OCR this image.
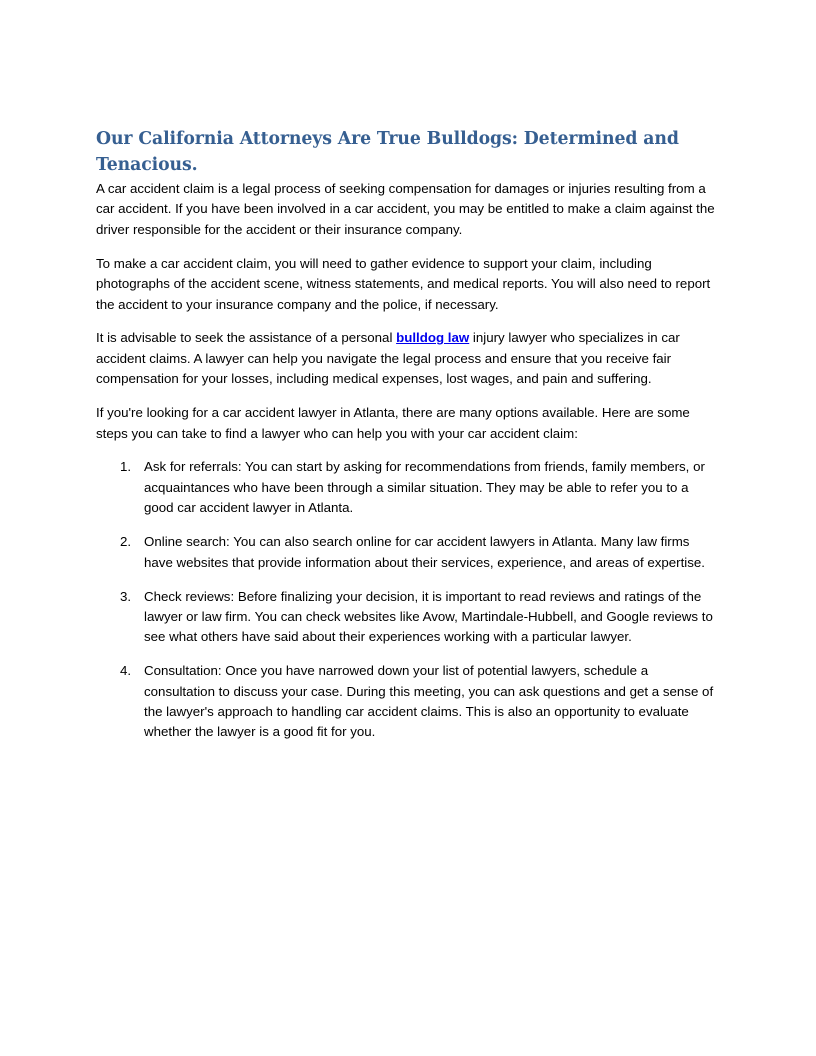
Our California Attorneys Are True Bulldogs: Determined and Tenacious.

A car accident claim is a legal process of seeking compensation for damages or injuries resulting from a car accident. If you have been involved in a car accident, you may be entitled to make a claim against the driver responsible for the accident or their insurance company.

To make a car accident claim, you will need to gather evidence to support your claim, including photographs of the accident scene, witness statements, and medical reports. You will also need to report the accident to your insurance company and the police, if necessary.

It is advisable to seek the assistance of a personal bulldog law injury lawyer who specializes in car accident claims. A lawyer can help you navigate the legal process and ensure that you receive fair compensation for your losses, including medical expenses, lost wages, and pain and suffering.

If you're looking for a car accident lawyer in Atlanta, there are many options available. Here are some steps you can take to find a lawyer who can help you with your car accident claim:

1. Ask for referrals: You can start by asking for recommendations from friends, family members, or acquaintances who have been through a similar situation. They may be able to refer you to a good car accident lawyer in Atlanta.
2. Online search: You can also search online for car accident lawyers in Atlanta. Many law firms have websites that provide information about their services, experience, and areas of expertise.
3. Check reviews: Before finalizing your decision, it is important to read reviews and ratings of the lawyer or law firm. You can check websites like Avow, Martindale-Hubbell, and Google reviews to see what others have said about their experiences working with a particular lawyer.
4. Consultation: Once you have narrowed down your list of potential lawyers, schedule a consultation to discuss your case. During this meeting, you can ask questions and get a sense of the lawyer's approach to handling car accident claims. This is also an opportunity to evaluate whether the lawyer is a good fit for you.
